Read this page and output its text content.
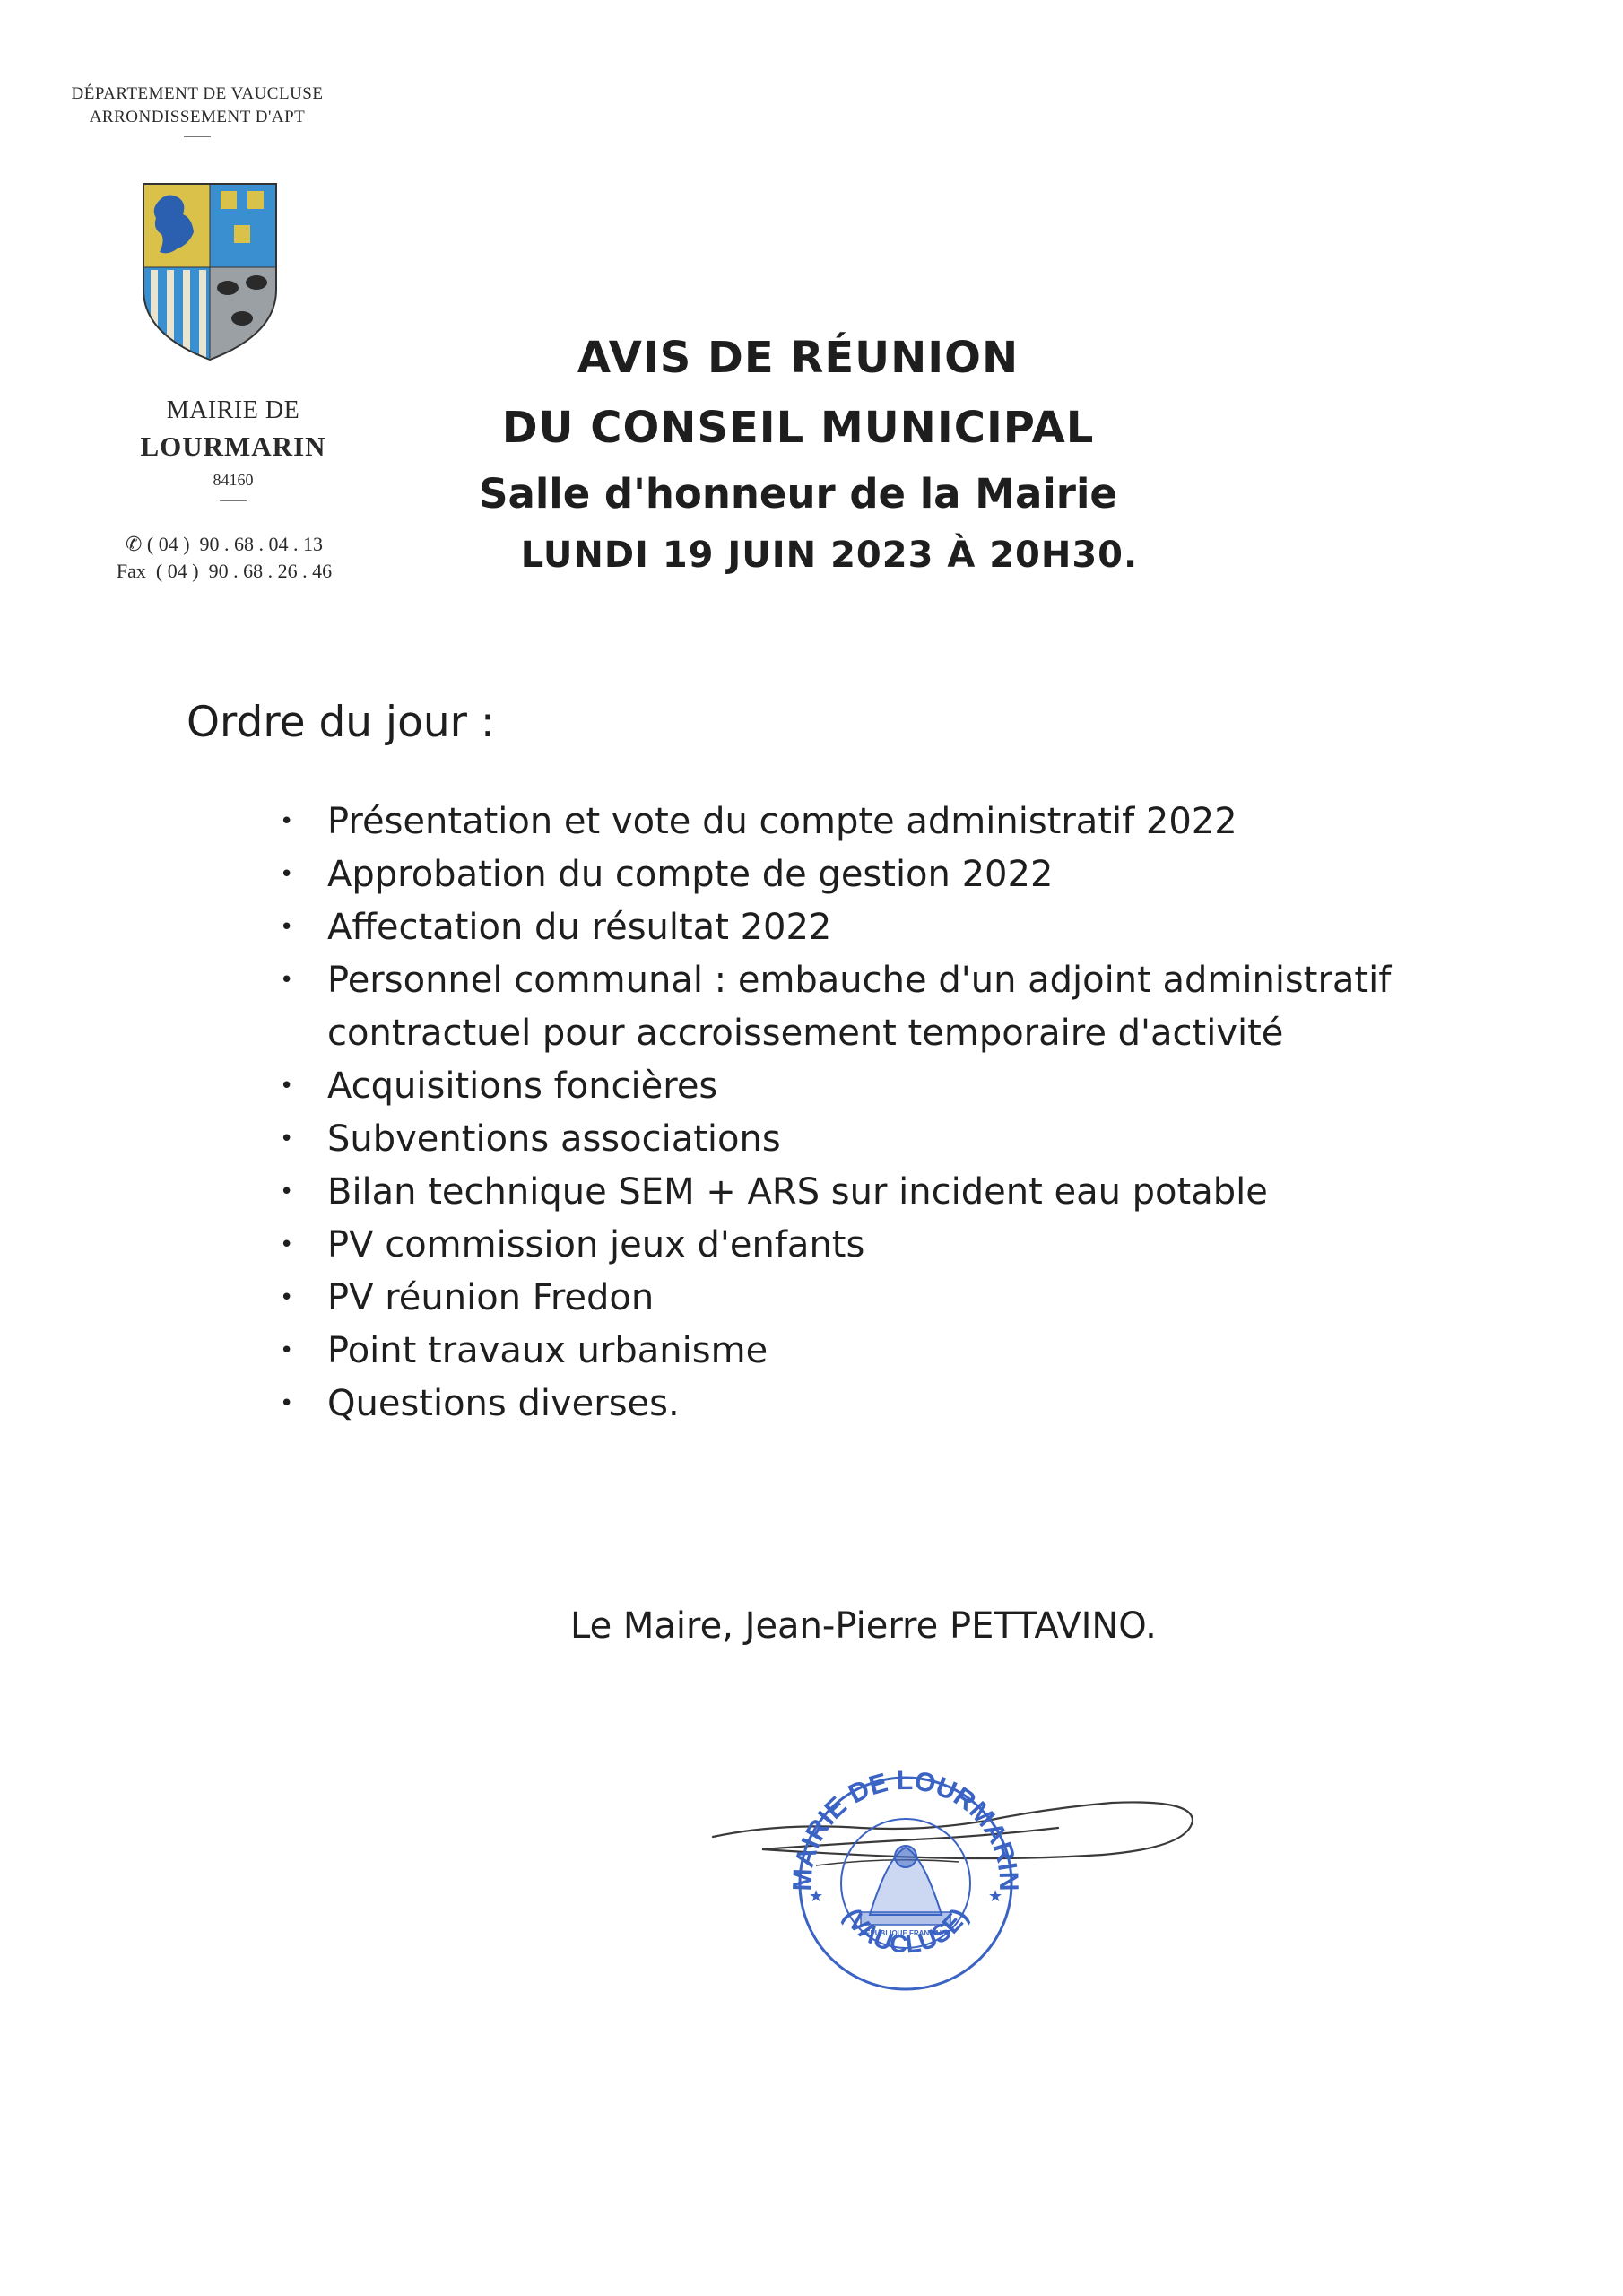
DÉPARTEMENT DE VAUCLUSE
ARRONDISSEMENT D'APT
MAIRIE DE
LOURMARIN
84160
✆ ( 04 )  90 . 68 . 04 . 13
Fax  ( 04 )  90 . 68 . 26 . 46
AVIS DE RÉUNION
DU CONSEIL MUNICIPAL
Salle d'honneur de la Mairie
LUNDI 19 JUIN 2023 À 20H30.
Ordre du jour :
• Présentation et vote du compte administratif 2022
• Approbation du compte de gestion 2022
• Affectation du résultat 2022
• Personnel communal : embauche d'un adjoint administratif
contractuel pour accroissement temporaire d'activité
• Acquisitions foncières
• Subventions associations
• Bilan technique SEM + ARS sur incident eau potable
• PV commission jeux d'enfants
• PV réunion Fredon
• Point travaux urbanisme
• Questions diverses.
Le Maire, Jean-Pierre PETTAVINO.
MAIRIE DE LOURMARIN
(VAUCLUSE)
RÉPUBLIQUE FRANÇAISE
★	★
